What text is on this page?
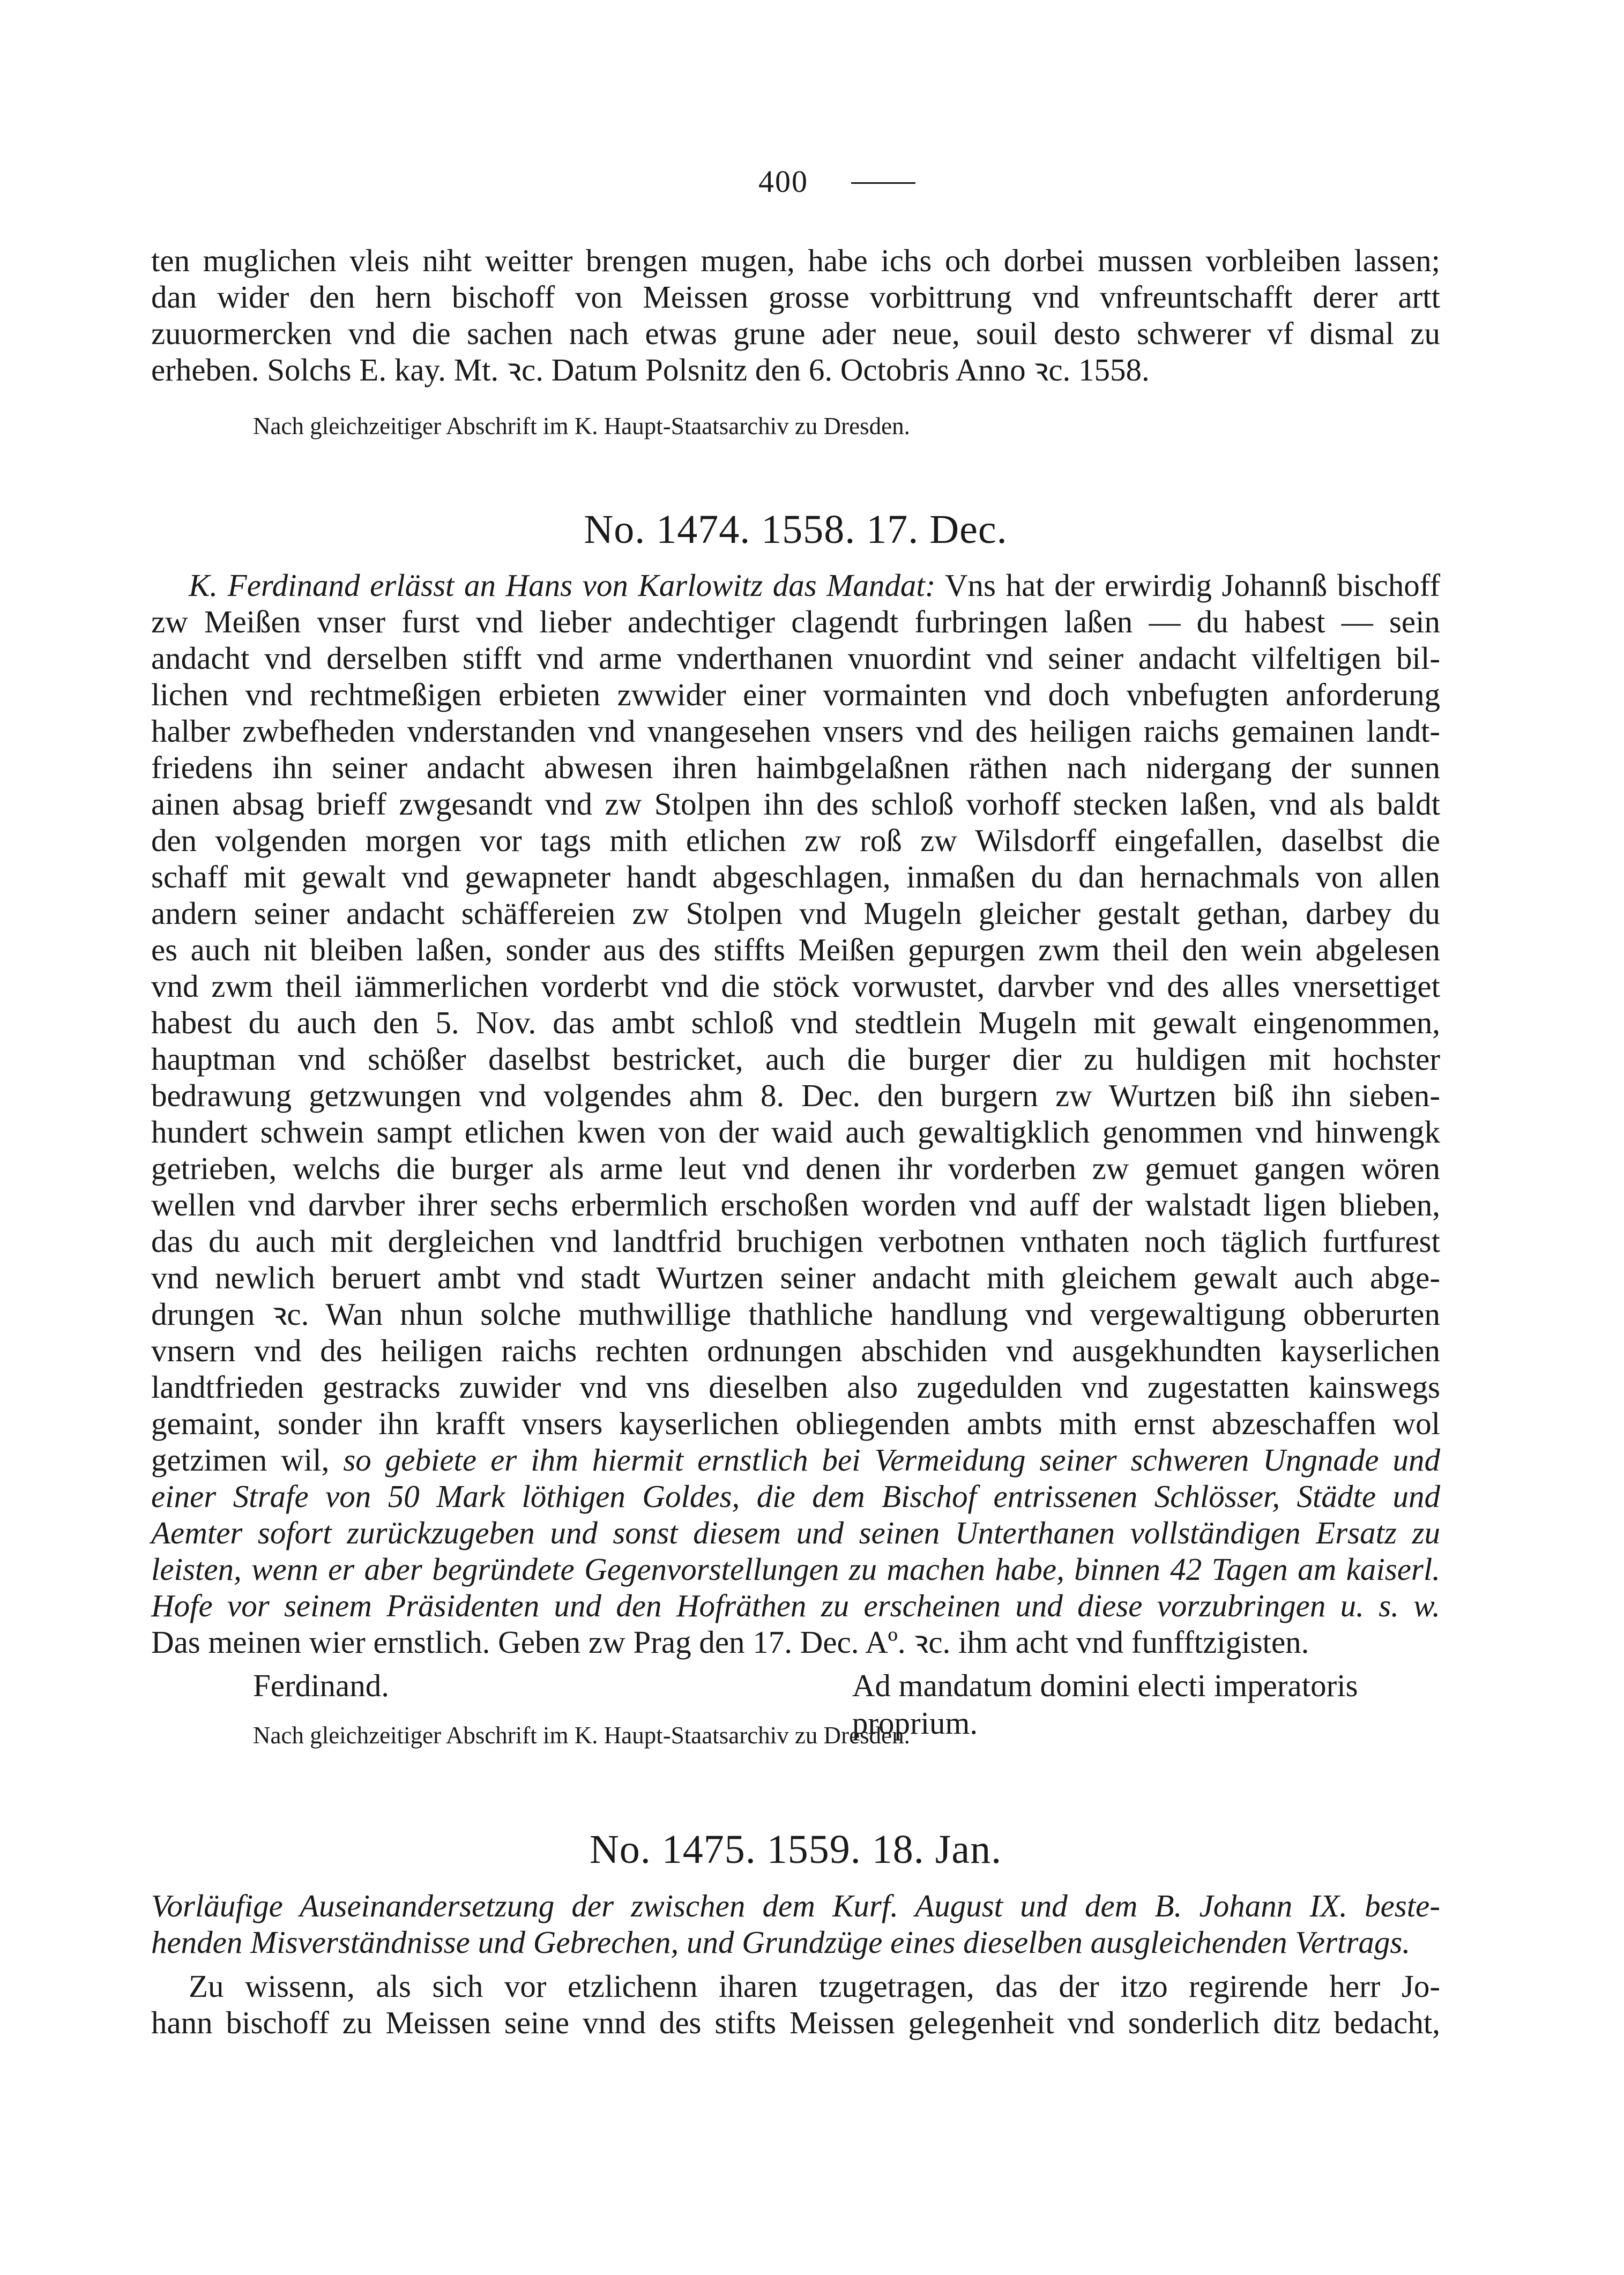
400
ten muglichen vleis niht weitter brengen mugen, habe ichs och dorbei mussen vorbleiben lassen;
dan wider den hern bischoff von Meissen grosse vorbittrung vnd vnfreuntschafft derer artt
zuuormercken vnd die sachen nach etwas grune ader neue, souil desto schwerer vf dismal zu
erheben. Solchs E. kay. Mt. ꝛc. Datum Polsnitz den 6. Octobris Anno ꝛc. 1558.
Nach gleichzeitiger Abschrift im K. Haupt-Staatsarchiv zu Dresden.
No. 1474. 1558. 17. Dec.
K. Ferdinand erlässt an Hans von Karlowitz das Mandat: Vns hat der erwirdig Johannß bischoff
zw Meißen vnser furst vnd lieber andechtiger clagendt furbringen laßen — du habest — sein
andacht vnd derselben stifft vnd arme vnderthanen vnuordint vnd seiner andacht vilfeltigen bil-
lichen vnd rechtmeßigen erbieten zwwider einer vormainten vnd doch vnbefugten anforderung
halber zwbefheden vnderstanden vnd vnangesehen vnsers vnd des heiligen raichs gemainen landt-
friedens ihn seiner andacht abwesen ihren haimbgelaßnen räthen nach nidergang der sunnen
ainen absag brieff zwgesandt vnd zw Stolpen ihn des schloß vorhoff stecken laßen, vnd als baldt
den volgenden morgen vor tags mith etlichen zw roß zw Wilsdorff eingefallen, daselbst die
schaff mit gewalt vnd gewapneter handt abgeschlagen, inmaßen du dan hernachmals von allen
andern seiner andacht schäffereien zw Stolpen vnd Mugeln gleicher gestalt gethan, darbey du
es auch nit bleiben laßen, sonder aus des stiffts Meißen gepurgen zwm theil den wein abgelesen
vnd zwm theil iämmerlichen vorderbt vnd die stöck vorwustet, darvber vnd des alles vnersettiget
habest du auch den 5. Nov. das ambt schloß vnd stedtlein Mugeln mit gewalt eingenommen,
hauptman vnd schößer daselbst bestricket, auch die burger dier zu huldigen mit hochster
bedrawung getzwungen vnd volgendes ahm 8. Dec. den burgern zw Wurtzen biß ihn sieben-
hundert schwein sampt etlichen kwen von der waid auch gewaltigklich genommen vnd hinwengk
getrieben, welchs die burger als arme leut vnd denen ihr vorderben zw gemuet gangen wören
wellen vnd darvber ihrer sechs erbermlich erschoßen worden vnd auff der walstadt ligen blieben,
das du auch mit dergleichen vnd landtfrid bruchigen verbotnen vnthaten noch täglich furtfurest
vnd newlich beruert ambt vnd stadt Wurtzen seiner andacht mith gleichem gewalt auch abge-
drungen ꝛc. Wan nhun solche muthwillige thathliche handlung vnd vergewaltigung obberurten
vnsern vnd des heiligen raichs rechten ordnungen abschiden vnd ausgekhundten kayserlichen
landtfrieden gestracks zuwider vnd vns dieselben also zugedulden vnd zugestatten kainswegs
gemaint, sonder ihn krafft vnsers kayserlichen obliegenden ambts mith ernst abzeschaffen wol
getzimen wil, so gebiete er ihm hiermit ernstlich bei Vermeidung seiner schweren Ungnade und
einer Strafe von 50 Mark löthigen Goldes, die dem Bischof entrissenen Schlösser, Städte und
Aemter sofort zurückzugeben und sonst diesem und seinen Unterthanen vollständigen Ersatz zu
leisten, wenn er aber begründete Gegenvorstellungen zu machen habe, binnen 42 Tagen am kaiserl.
Hofe vor seinem Präsidenten und den Hofräthen zu erscheinen und diese vorzubringen u. s. w.
Das meinen wier ernstlich. Geben zw Prag den 17. Dec. Aº. ꝛc. ihm acht vnd funfftzigisten.
Ferdinand.	Ad mandatum domini electi imperatoris proprium.
Nach gleichzeitiger Abschrift im K. Haupt-Staatsarchiv zu Dresden.
No. 1475. 1559. 18. Jan.
Vorläufige Auseinandersetzung der zwischen dem Kurf. August und dem B. Johann IX. beste-
henden Misverständnisse und Gebrechen, und Grundzüge eines dieselben ausgleichenden Vertrags.
Zu wissenn, als sich vor etzlichenn iharen tzugetragen, das der itzo regirende herr Jo-
hann bischoff zu Meissen seine vnnd des stifts Meissen gelegenheit vnd sonderlich ditz bedacht,
